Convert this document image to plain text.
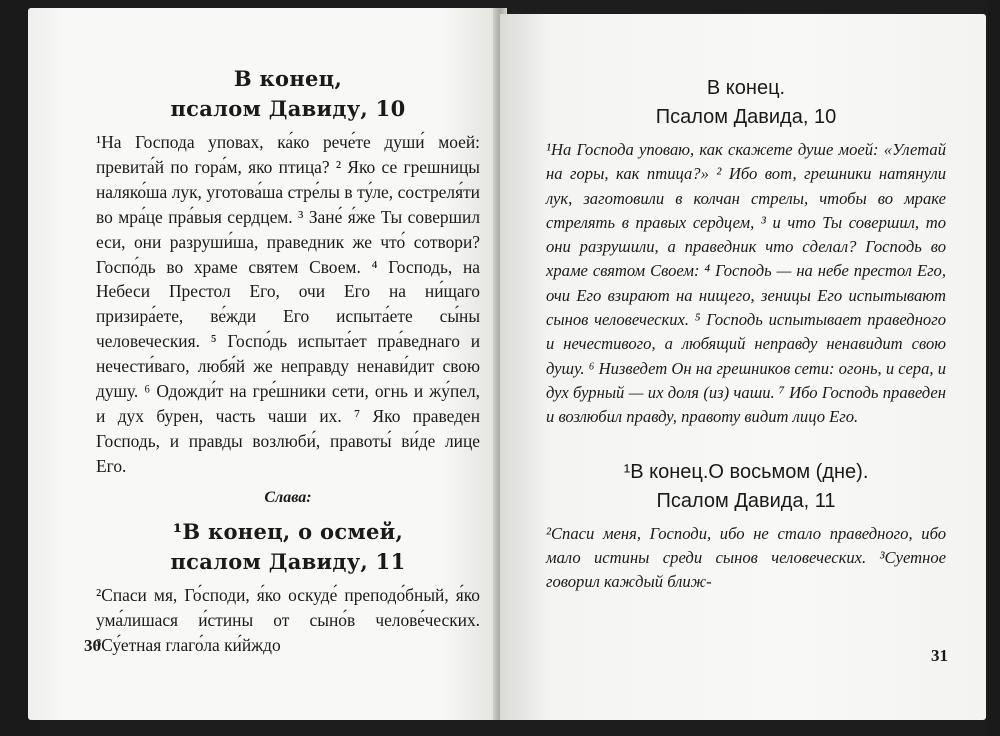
В конец,

псалом Давиду, 10

¹На Господа уповах, ка́ко рече́те души́ моей: превита́й по гора́м, яко птица? ² Яко се грешницы наляко́ша лук, уготова́ша стре́лы в ту́ле, состреля́ти во мра́це пра́выя сердцем. ³ Зане́ я́же Ты совершил еси, они разруши́ша, праведник же что́ сотвори? Госпо́дь во храме святем Своем. ⁴ Господь, на Небеси Престол Его, очи Его на ни́щаго призира́ете, ве́жди Его испыта́ете сы́ны человеческия. ⁵ Госпо́дь испыта́ет пра́веднаго и нечести́ваго, любя́й же неправду ненави́дит свою душу. ⁶ Одожди́т на гре́шники сети, огнь и жу́пел, и дух бурен, часть чаши их. ⁷ Яко праведен Господь, и правды возлюби́, правоты́ ви́де лице Его.

Слава:

¹В конец, о осмей,

псалом Давиду, 11

²Спаси мя, Го́споди, я́ко оскуде́ преподо́бный, я́ко ума́лишася и́стины от сыно́в челове́ческих. ³Су́етная глаго́ла ки́йждо

30

В конец.

Псалом Давида, 10

¹На Господа уповаю, как скажете душе моей: «Улетай на горы, как птица?» ² Ибо вот, грешники натянули лук, заготовили в колчан стрелы, чтобы во мраке стрелять в правых сердцем, ³ и что Ты совершил, то они разрушили, а праведник что сделал? Господь во храме святом Своем: ⁴ Господь — на небе престол Его, очи Его взирают на нищего, зеницы Его испытывают сынов человеческих. ⁵ Господь испытывает праведного и нечестивого, а любящий неправду ненавидит свою душу. ⁶ Низведет Он на грешников сети: огонь, и сера, и дух бурный — их доля (из) чаши. ⁷ Ибо Господь праведен и возлюбил правду, правоту видит лицо Его.

¹В конец.О восьмом (дне).

Псалом Давида, 11

²Спаси меня, Господи, ибо не стало праведного, ибо мало истины среди сынов человеческих. ³Суетное говорил каждый ближ-

31
